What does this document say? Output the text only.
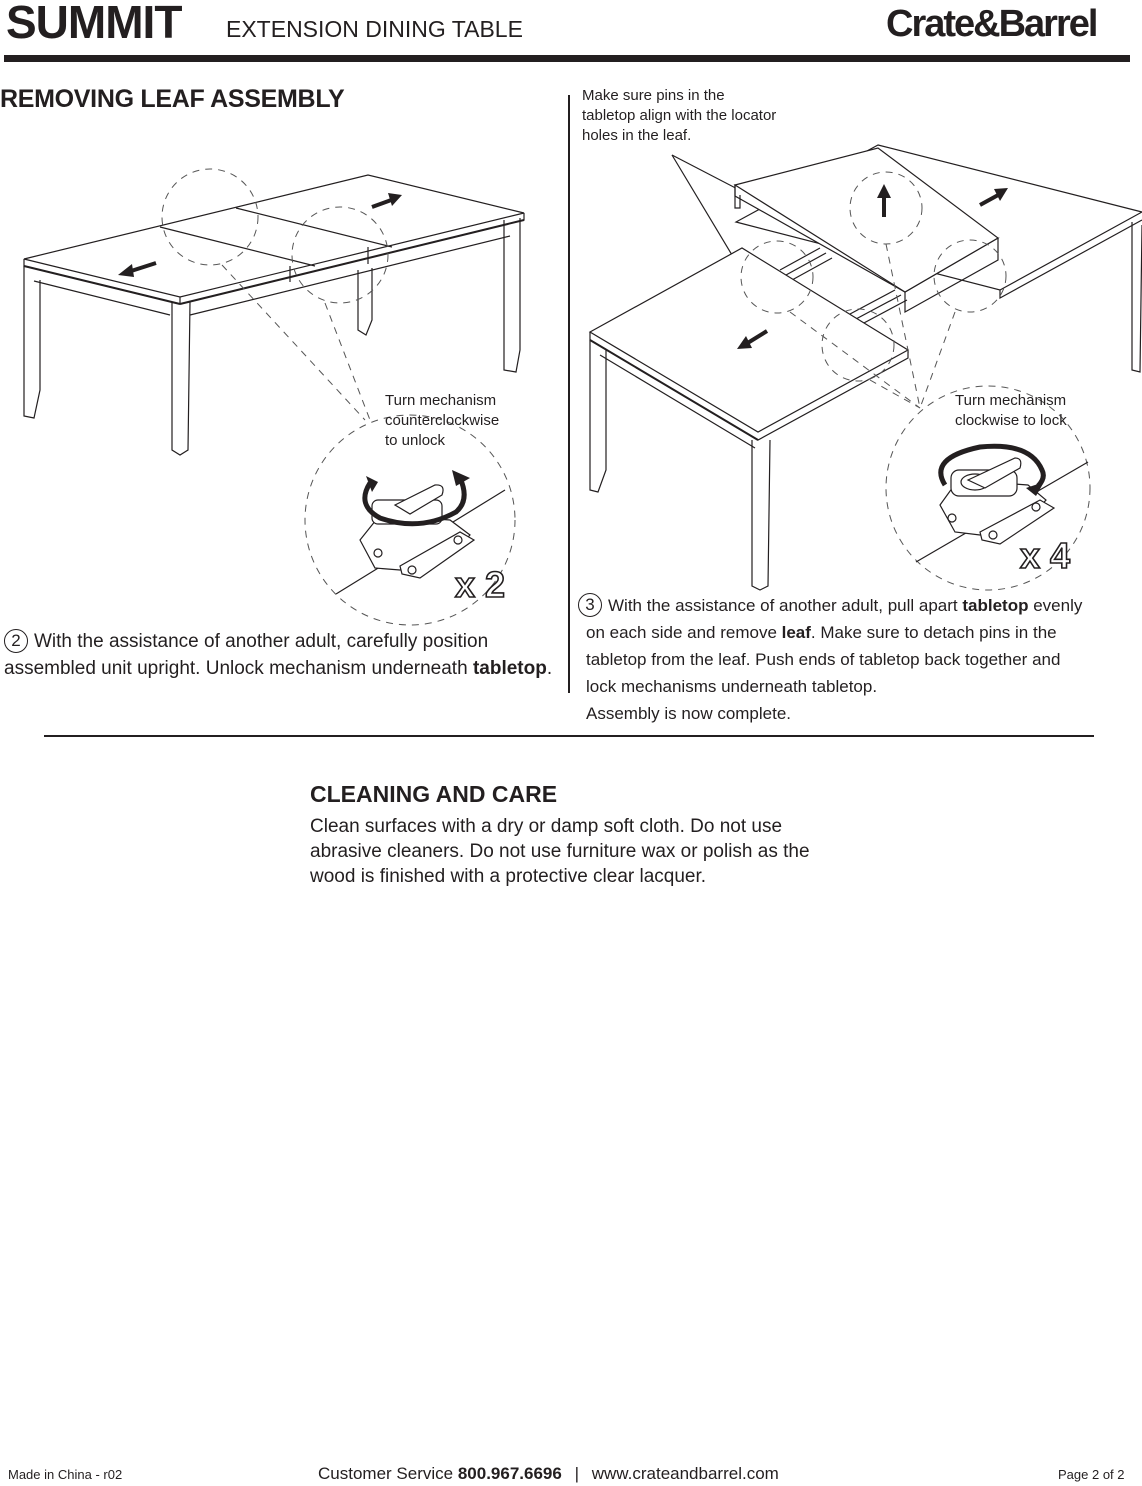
SUMMIT EXTENSION DINING TABLE	Crate&Barrel
REMOVING LEAF ASSEMBLY
x 2
Turn mechanism
counterclockwise
to unlock
2 With the assistance of another adult, carefully position assembled unit upright. Unlock mechanism underneath tabletop.
Make sure pins in the
tabletop align with the locator
holes in the leaf.
x 4
Turn mechanism
clockwise to lock
3 With the assistance of another adult, pull apart tabletop evenly
on each side and remove leaf. Make sure to detach pins in the
tabletop from the leaf. Push ends of tabletop back together and
lock mechanisms underneath tabletop.
Assembly is now complete.
CLEANING AND CARE
Clean surfaces with a dry or damp soft cloth. Do not use
abrasive cleaners. Do not use furniture wax or polish as the
wood is finished with a protective clear lacquer.
Made in China - r02	Customer Service 800.967.6696 | www.crateandbarrel.com	Page 2 of 2
